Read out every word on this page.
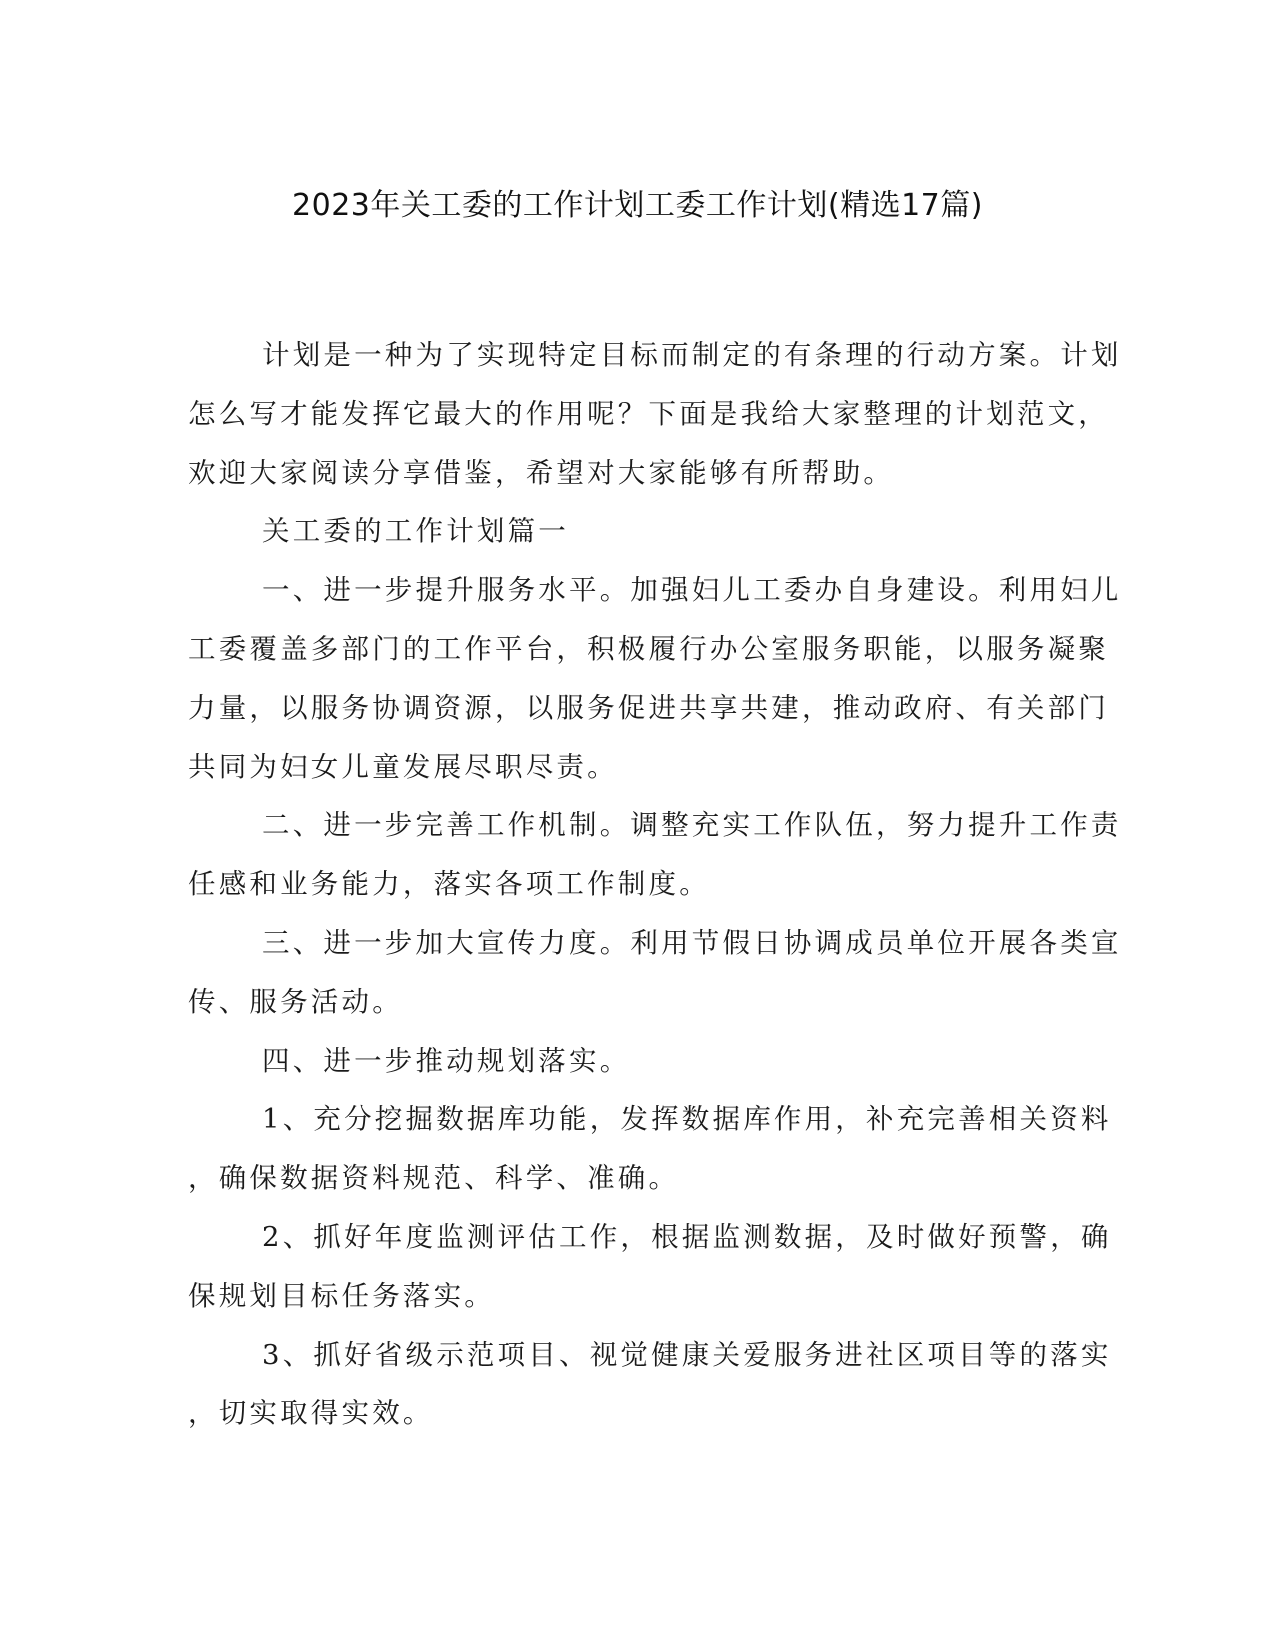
2023年关工委的工作计划工委工作计划(精选17篇)
计划是一种为了实现特定目标而制定的有条理的行动方案。计划
怎么写才能发挥它最大的作用呢？下面是我给大家整理的计划范文，
欢迎大家阅读分享借鉴，希望对大家能够有所帮助。
关工委的工作计划篇一
一、进一步提升服务水平。加强妇儿工委办自身建设。利用妇儿
工委覆盖多部门的工作平台，积极履行办公室服务职能，以服务凝聚
力量，以服务协调资源，以服务促进共享共建，推动政府、有关部门
共同为妇女儿童发展尽职尽责。
二、进一步完善工作机制。调整充实工作队伍，努力提升工作责
任感和业务能力，落实各项工作制度。
三、进一步加大宣传力度。利用节假日协调成员单位开展各类宣
传、服务活动。
四、进一步推动规划落实。
1、充分挖掘数据库功能，发挥数据库作用，补充完善相关资料
，确保数据资料规范、科学、准确。
2、抓好年度监测评估工作，根据监测数据，及时做好预警，确
保规划目标任务落实。
3、抓好省级示范项目、视觉健康关爱服务进社区项目等的落实
，切实取得实效。
